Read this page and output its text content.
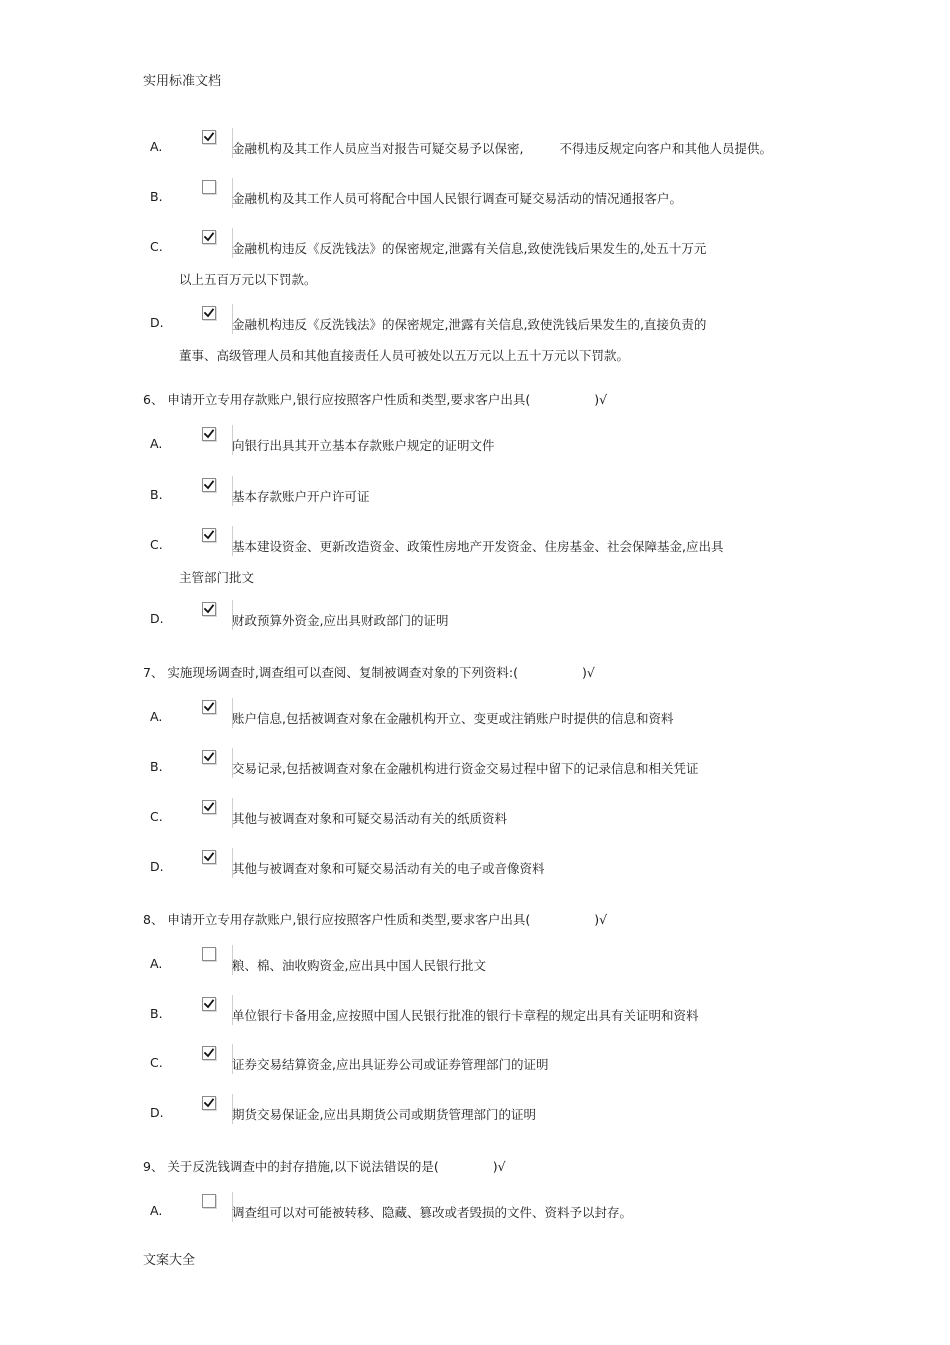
实用标准文档
A.	金融机构及其工作人员应当对报告可疑交易予以保密,	不得违反规定向客户和其他人员提供。
B.	金融机构及其工作人员可将配合中国人民银行调查可疑交易活动的情况通报客户。
C.	金融机构违反《反洗钱法》的保密规定,泄露有关信息,致使洗钱后果发生的,处五十万元
以上五百万元以下罚款。
D.	金融机构违反《反洗钱法》的保密规定,泄露有关信息,致使洗钱后果发生的,直接负责的
董事、高级管理人员和其他直接责任人员可被处以五万元以上五十万元以下罚款。
6、 申请开立专用存款账户,银行应按照客户性质和类型,要求客户出具(	)√
A.	向银行出具其开立基本存款账户规定的证明文件
B.	基本存款账户开户许可证
C.	基本建设资金、更新改造资金、政策性房地产开发资金、住房基金、社会保障基金,应出具
主管部门批文
D.	财政预算外资金,应出具财政部门的证明
7、 实施现场调查时,调查组可以查阅、复制被调查对象的下列资料:(	)√
A.	账户信息,包括被调查对象在金融机构开立、变更或注销账户时提供的信息和资料
B.	交易记录,包括被调查对象在金融机构进行资金交易过程中留下的记录信息和相关凭证
C.	其他与被调查对象和可疑交易活动有关的纸质资料
D.	其他与被调查对象和可疑交易活动有关的电子或音像资料
8、 申请开立专用存款账户,银行应按照客户性质和类型,要求客户出具(	)√
A.	粮、棉、油收购资金,应出具中国人民银行批文
B.	单位银行卡备用金,应按照中国人民银行批准的银行卡章程的规定出具有关证明和资料
C.	证券交易结算资金,应出具证券公司或证券管理部门的证明
D.	期货交易保证金,应出具期货公司或期货管理部门的证明
9、 关于反洗钱调查中的封存措施,以下说法错误的是(	)√
A.	调查组可以对可能被转移、隐藏、篡改或者毁损的文件、资料予以封存。
文案大全
